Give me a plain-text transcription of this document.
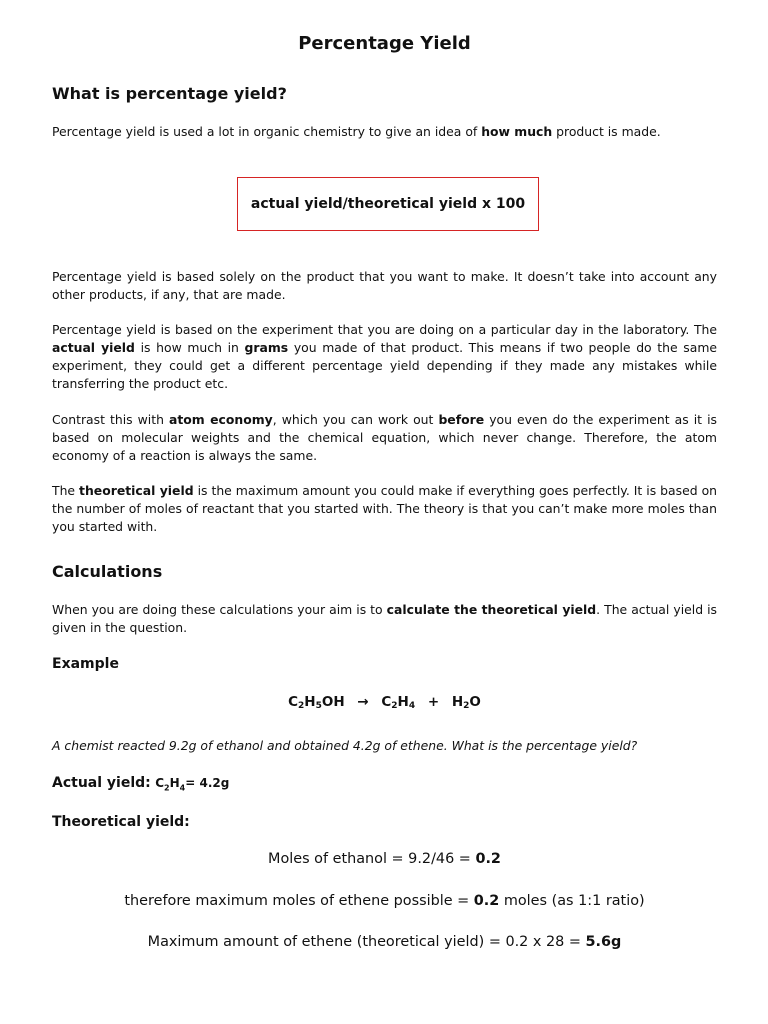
Percentage Yield
What is percentage yield?

Percentage yield is used a lot in organic chemistry to give an idea of how much product is made.

actual yield/theoretical yield x 100

Percentage yield is based solely on the product that you want to make. It doesn’t take into account any other products, if any, that are made.

Percentage yield is based on the experiment that you are doing on a particular day in the laboratory. The actual yield is how much in grams you made of that product. This means if two people do the same experiment, they could get a different percentage yield depending if they made any mistakes while transferring the product etc.

Contrast this with atom economy, which you can work out before you even do the experiment as it is based on molecular weights and the chemical equation, which never change. Therefore, the atom economy of a reaction is always the same.

The theoretical yield is the maximum amount you could make if everything goes perfectly. It is based on the number of moles of reactant that you started with. The theory is that you can’t make more moles than you started with.

Calculations

When you are doing these calculations your aim is to calculate the theoretical yield. The actual yield is given in the question.

Example
$C_2H_5OH \to C_2H_4 + H_2O$
A chemist reacted 9.2g of ethanol and obtained 4.2g of ethene. What is the percentage yield?
Actual yield: $C_2H_4= 4.2g$
Theoretical yield:
Moles of ethanol = 9.2/46 = 0.2
therefore maximum moles of ethene possible = 0.2 moles (as 1:1 ratio)
Maximum amount of ethene (theoretical yield) = 0.2 x 28 = 5.6g
